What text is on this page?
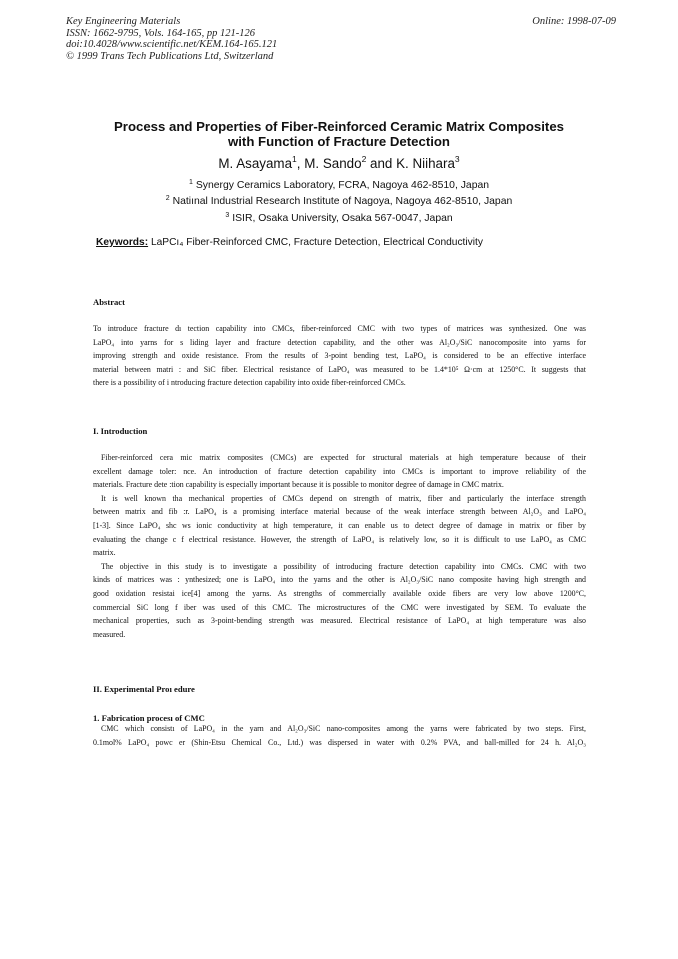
Key Engineering Materials
ISSN: 1662-9795, Vols. 164-165, pp 121-126
doi:10.4028/www.scientific.net/KEM.164-165.121
© 1999 Trans Tech Publications Ltd, Switzerland
Online: 1998-07-09
Process and Properties of Fiber-Reinforced Ceramic Matrix Composites
with Function of Fracture Detection
M. Asayama$^1$, M. Sando$^2$ and K. Niihara$^3$
$^1$ Synergy Ceramics Laboratory, FCRA, Nagoya 462-8510, Japan
$^2$ Natiınal Industrial Research Institute of Nagoya, Nagoya 462-8510, Japan
$^3$ ISIR, Osaka University, Osaka 567-0047, Japan
Keywords: LaPCı₄ Fiber-Reinforced CMC, Fracture Detection, Electrical Conductivity
Abstract
To introduce fracture dı tection capability into CMCs, fiber-reinforced CMC with two types of matrices was synthesized. One was
LaPO₄ into yarns for s liding layer and fracture detection capability, and the other was Al₂O₃/SiC nanocomposite into yarns for
improving strength and oxide resistance. From the results of 3-point bending test, LaPO₄ is considered to be an effective interface
material between matri : and SiC fiber. Electrical resistance of LaPO₄ was measured to be 1.4*10⁵ Ω·cm at 1250°C. It suggests that
there is a possibility of i ntroducing fracture detection capability into oxide fiber-reinforced CMCs.
I. Introduction
Fiber-reinforced cera mic matrix composites (CMCs) are expected for structural materials at high temperature because of their
excellent damage toler: nce. An introduction of fracture detection capability into CMCs is important to improve reliability of the
materials. Fracture dete :tion capability is especially important because it is possible to monitor degree of damage in CMC matrix.
It is well known tha mechanical properties of CMCs depend on strength of matrix, fiber and particularly the interface strength
between matrix and fib :r. LaPO₄ is a promising interface material because of the weak interface strength between Al₂O₃ and LaPO₄
[1-3]. Since LaPO₄ shc ws ionic conductivity at high temperature, it can enable us to detect degree of damage in matrix or fiber by
evaluating the change c f electrical resistance. However, the strength of LaPO₄ is relatively low, so it is difficult to use LaPO₄ as CMC
matrix.
The objective in this study is to investigate a possibility of introducing fracture detection capability into CMCs. CMC with two
kinds of matrices was : ynthesized; one is LaPO₄ into the yarns and the other is Al₂O₃/SiC nano composite having high strength and
good oxidation resistai ice[4] among the yarns. As strengths of commercially available oxide fibers are very low above 1200°C,
commercial SiC long f iber was used of this CMC. The microstructures of the CMC were investigated by SEM. To evaluate the
mechanical properties, such as 3-point-bending strength was measured. Electrical resistance of LaPO₄ at high temperature was also
measured.
II. Experimental Proı edure
1. Fabrication procesı of CMC
CMC which consistı of LaPO₄ in the yarn and Al₂O₃/SiC nano-composites among the yarns were fabricated by two steps. First,
0.1mol% LaPO₄ powc er (Shin-Etsu Chemical Co., Ltd.) was dispersed in water with 0.2% PVA, and ball-milled for 24 h. Al₂O₃
